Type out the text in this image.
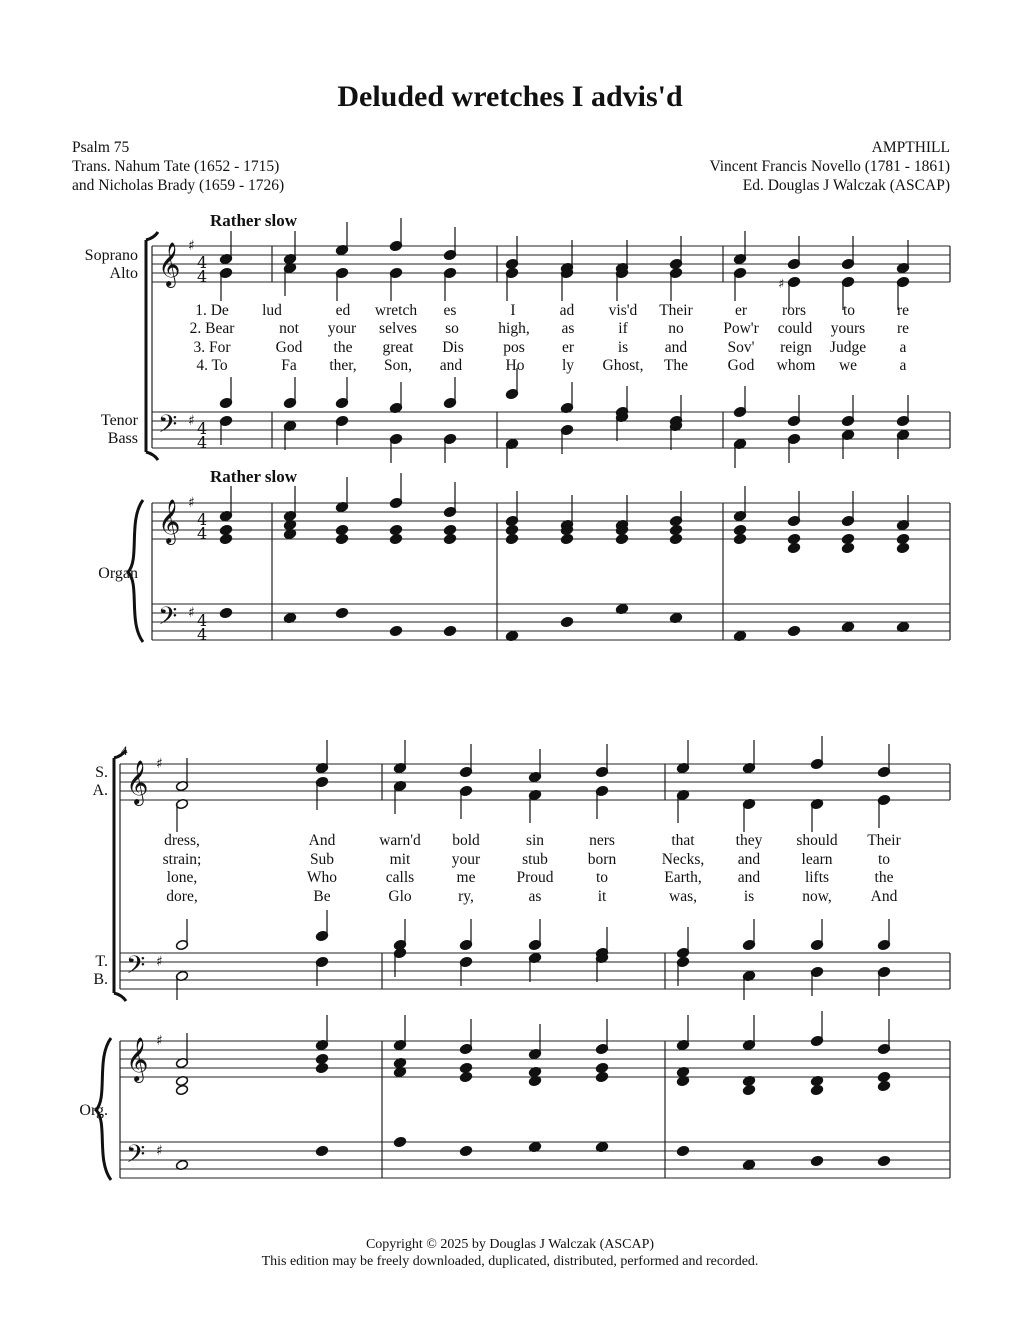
Deluded wretches I advis'd
Psalm 75
Trans. Nahum Tate (1652 - 1715)
and Nicholas Brady (1659 - 1726)
AMPTHILL
Vincent Francis Novello (1781 - 1861)
Ed. Douglas J Walczak (ASCAP)
Rather slow
Rather slow
Soprano
Alto
Tenor
Bass
Organ
S.
A.
T.
B.
Org.
4
1. De lud	ed wretch es	I	ad vis'd Their	er rors to	re
2. Bear	not your selves so	high, as	if	no	Pow'r could yours re
3. For	God the great Dis	pos er	is and	Sov' reign Judge a
4. To	Fa ther, Son, and	Ho ly Ghost, The	God whom we	a
dress,	And	warn'd bold	sin	ners	that	they should Their
strain;	Sub	mit	your	stub	born	Necks, and	learn	to
lone,	Who	calls	me	Proud	to	Earth, and	lifts	the
dore,	Be	Glo	ry,	as	it	was,	is	now,	And
𝄞 ♯
4
4
𝄢 ♯ 4
4
𝄞 ♯
4
4
𝄢 ♯ 4
4
♯
𝄞 ♯
𝄢 ♯
𝄞 ♯
𝄢 ♯
Copyright © 2025 by Douglas J Walczak (ASCAP)
This edition may be freely downloaded, duplicated, distributed, performed and recorded.
